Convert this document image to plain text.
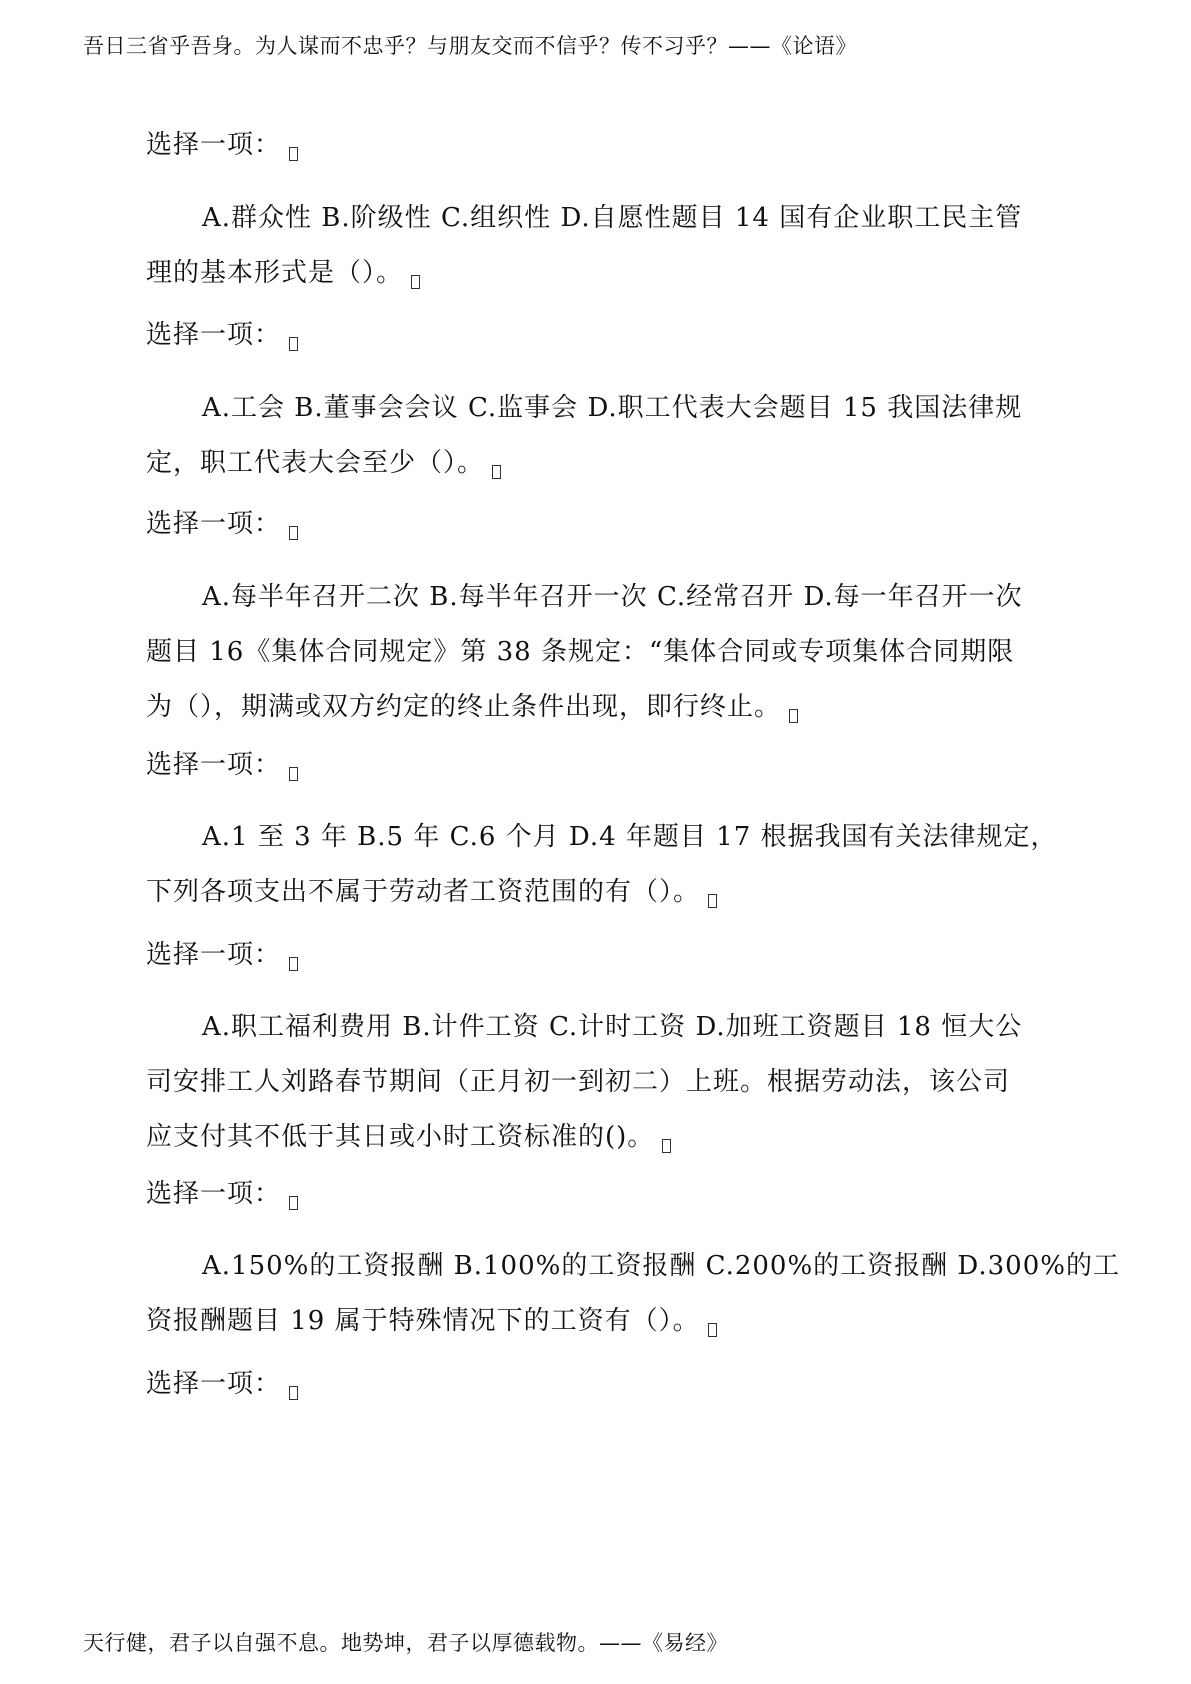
吾日三省乎吾身。为人谋而不忠乎？与朋友交而不信乎？传不习乎？——《论语》
选择一项：
A.群众性 B.阶级性 C.组织性 D.自愿性题目 14 国有企业职工民主管
理的基本形式是（）。
选择一项：
A.工会 B.董事会会议 C.监事会 D.职工代表大会题目 15 我国法律规
定，职工代表大会至少（）。
选择一项：
A.每半年召开二次 B.每半年召开一次 C.经常召开 D.每一年召开一次
题目 16《集体合同规定》第 38 条规定：“集体合同或专项集体合同期限
为（），期满或双方约定的终止条件出现，即行终止。
选择一项：
A.1 至 3 年 B.5 年 C.6 个月 D.4 年题目 17 根据我国有关法律规定，
下列各项支出不属于劳动者工资范围的有（）。
选择一项：
A.职工福利费用 B.计件工资 C.计时工资 D.加班工资题目 18 恒大公
司安排工人刘路春节期间（正月初一到初二）上班。根据劳动法，该公司
应支付其不低于其日或小时工资标准的()。
选择一项：
A.150%的工资报酬 B.100%的工资报酬 C.200%的工资报酬 D.300%的工
资报酬题目 19 属于特殊情况下的工资有（）。
选择一项：
天行健，君子以自强不息。地势坤，君子以厚德载物。——《易经》
